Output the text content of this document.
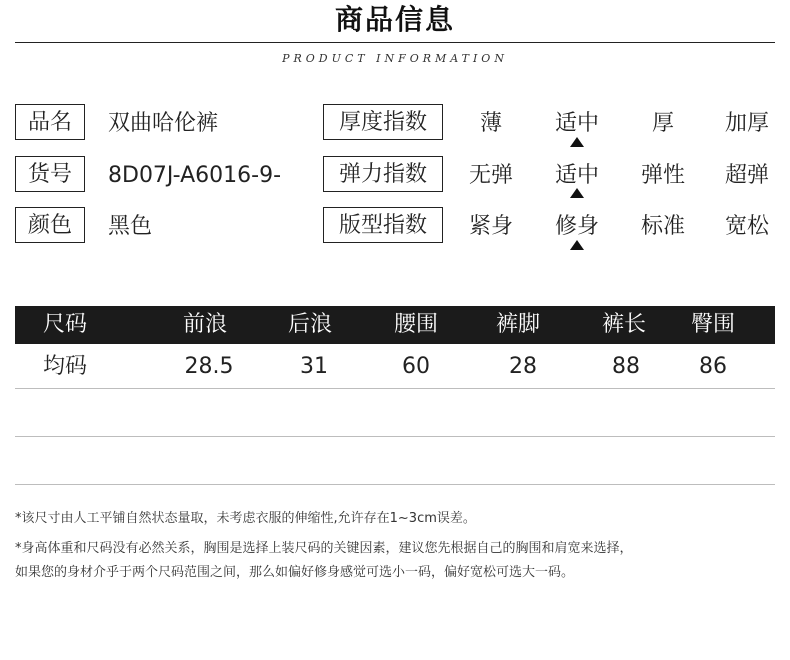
商品信息
PRODUCT INFORMATION
品名	双曲哈伦裤
货号	8D07J-A6016-9-
颜色	黑色
厚度指数	薄	适中	厚	加厚
弹力指数	无弹	适中	弹性	超弹
版型指数	紧身	修身	标准	宽松
尺码	前浪	后浪	腰围	裤脚	裤长	臀围
均码	28.5	31	60	28	88	86
*该尺寸由人工平铺自然状态量取，未考虑衣服的伸缩性,允许存在1~3cm误差。
*身高体重和尺码没有必然关系，胸围是选择上装尺码的关键因素，建议您先根据自己的胸围和肩宽来选择，
如果您的身材介乎于两个尺码范围之间，那么如偏好修身感觉可选小一码，偏好宽松可选大一码。
